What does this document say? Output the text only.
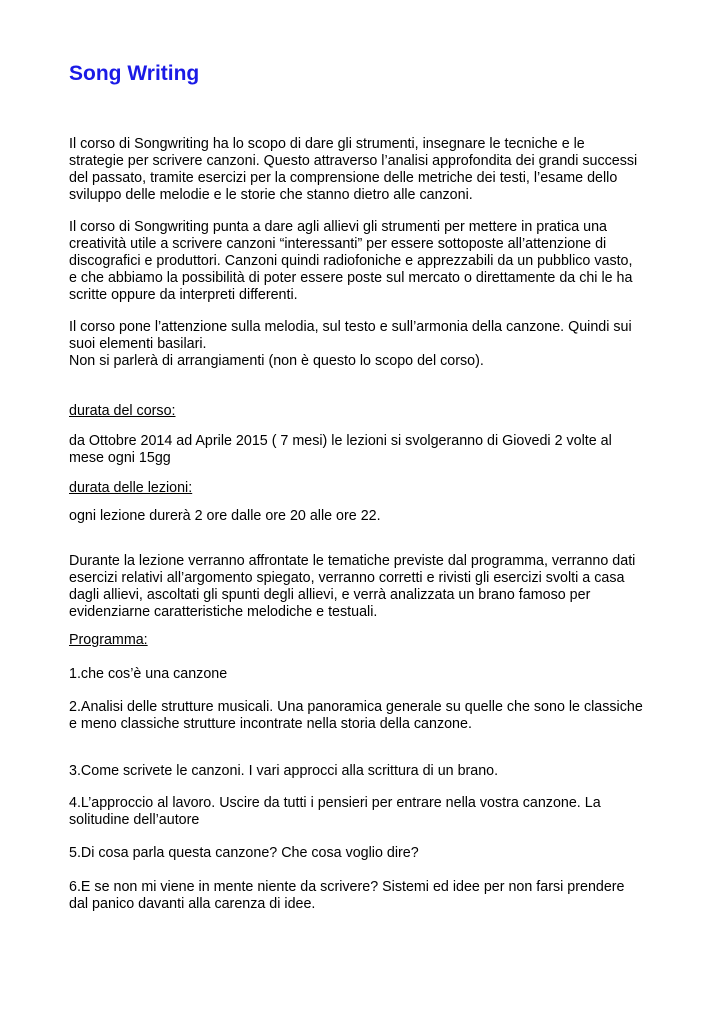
Song Writing

Il corso di Songwriting ha lo scopo di dare gli strumenti, insegnare le tecniche e le

strategie per scrivere canzoni. Questo attraverso l’analisi approfondita dei grandi successi

del passato, tramite esercizi per la comprensione delle metriche dei testi, l’esame dello

sviluppo delle melodie e le storie che stanno dietro alle canzoni.

Il corso di Songwriting punta a dare agli allievi gli strumenti per mettere in pratica una

creatività utile a scrivere canzoni “interessanti” per essere sottoposte all’attenzione di

discografici e produttori. Canzoni quindi radiofoniche e apprezzabili da un pubblico vasto,

e che abbiamo la possibilità di poter essere poste sul mercato o direttamente da chi le ha

scritte oppure da interpreti differenti.

Il corso pone l’attenzione sulla melodia, sul testo e sull’armonia della canzone. Quindi sui

suoi elementi basilari.

Non si parlerà di arrangiamenti (non è questo lo scopo del corso).

durata del corso:

da Ottobre 2014 ad Aprile 2015 ( 7 mesi) le lezioni si svolgeranno di Giovedi 2 volte al

mese ogni 15gg

durata delle lezioni:

ogni lezione durerà 2 ore dalle ore 20 alle ore 22.

Durante la lezione verranno affrontate le tematiche previste dal programma, verranno dati

esercizi relativi all’argomento spiegato, verranno corretti e rivisti gli esercizi svolti a casa

dagli allievi, ascoltati gli spunti degli allievi, e verrà analizzata un brano famoso per

evidenziarne caratteristiche melodiche e testuali.

Programma:

1.che cos’è una canzone

2.Analisi delle strutture musicali. Una panoramica generale su quelle che sono le classiche

e meno classiche strutture incontrate nella storia della canzone.

3.Come scrivete le canzoni. I vari approcci alla scrittura di un brano.

4.L’approccio al lavoro. Uscire da tutti i pensieri per entrare nella vostra canzone. La

solitudine dell’autore

5.Di cosa parla questa canzone? Che cosa voglio dire?

6.E se non mi viene in mente niente da scrivere? Sistemi ed idee per non farsi prendere

dal panico davanti alla carenza di idee.
